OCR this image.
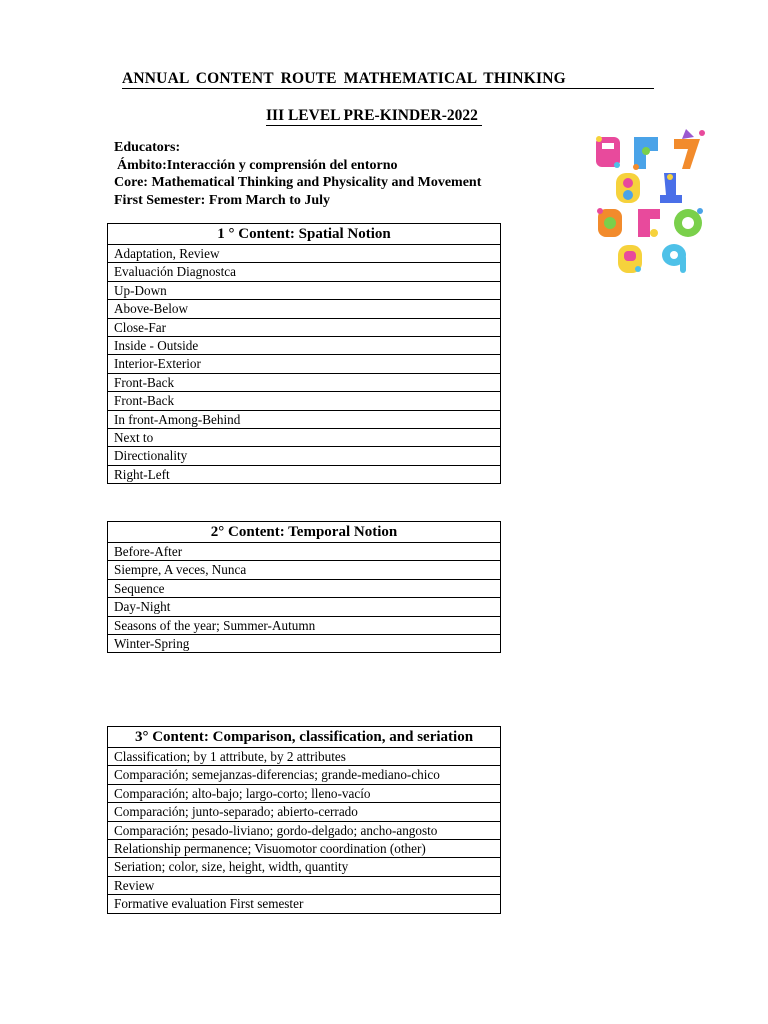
ANNUAL CONTENT ROUTE MATHEMATICAL THINKING
III LEVEL PRE-KINDER-2022
Educators:
Ámbito:Interacción y comprensión del entorno
Core: Mathematical Thinking and Physicality and Movement
First Semester: From March to July
1 ° Content: Spatial Notion
Adaptation, Review
Evaluación Diagnostca
Up-Down
Above-Below
Close-Far
Inside - Outside
Interior-Exterior
Front-Back
Front-Back
In front-Among-Behind
Next to
Directionality
Right-Left
2° Content: Temporal Notion
Before-After
Siempre, A veces, Nunca
Sequence
Day-Night
Seasons of the year; Summer-Autumn
Winter-Spring
3° Content: Comparison, classification, and seriation
Classification; by 1 attribute, by 2 attributes
Comparación; semejanzas-diferencias; grande-mediano-chico
Comparación; alto-bajo; largo-corto; lleno-vacío
Comparación; junto-separado; abierto-cerrado
Comparación; pesado-liviano; gordo-delgado; ancho-angosto
Relationship permanence; Visuomotor coordination (other)
Seriation; color, size, height, width, quantity
Review
Formative evaluation First semester
